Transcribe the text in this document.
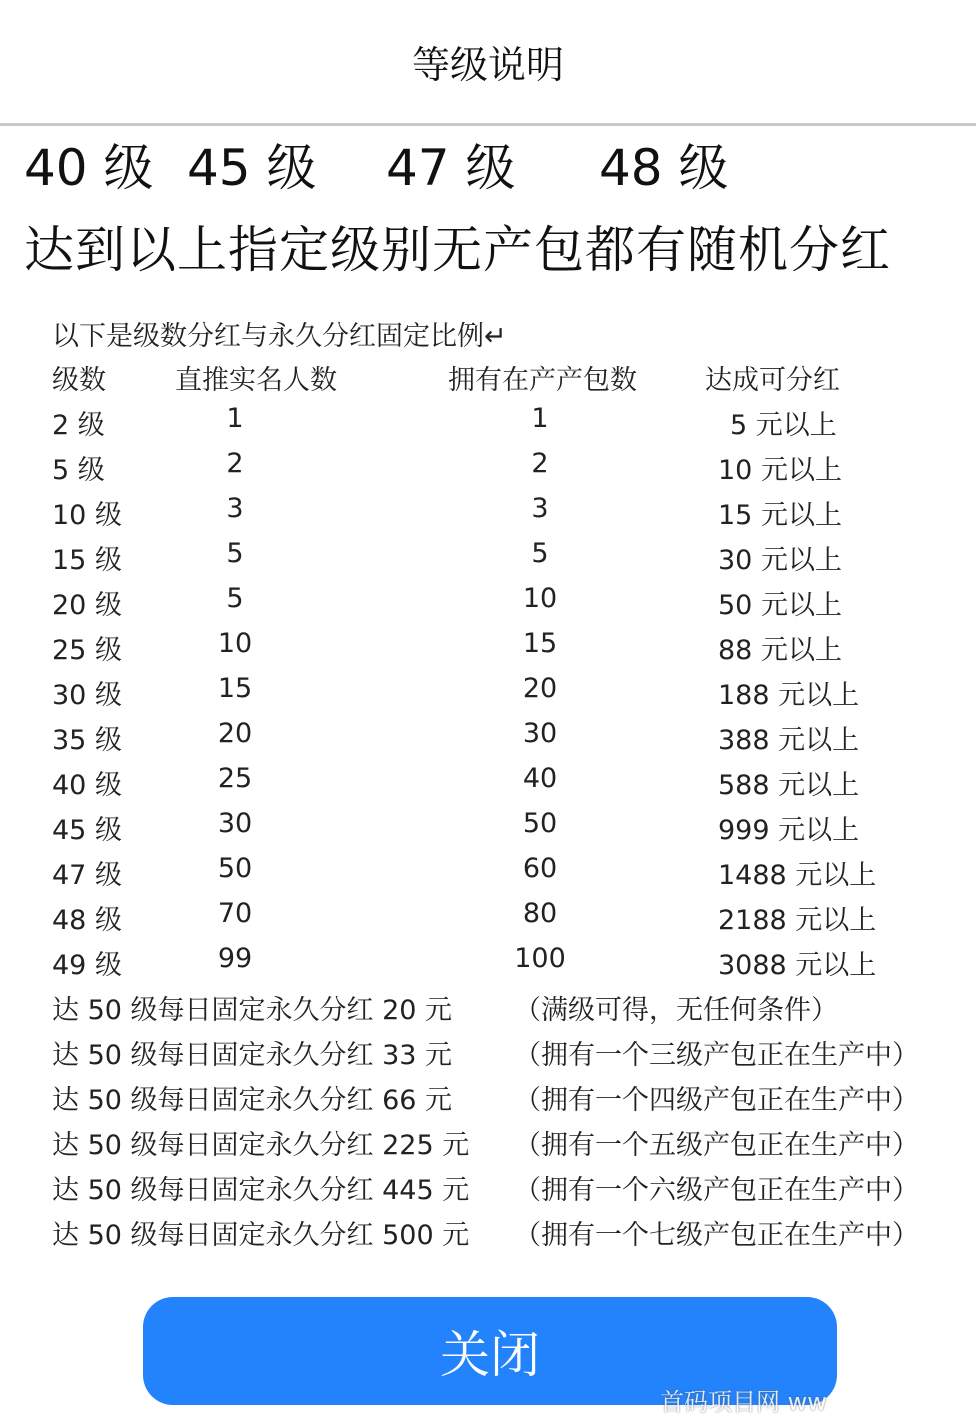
等级说明
40 级 45 级 47 级 48 级
达到以上指定级别无产包都有随机分红
以下是级数分红与永久分红固定比例↵
级数	直推实名人数	拥有在产产包数	达成可分红
2 级	1	1	5 元以上
5 级	2	2	10 元以上
10 级	3	3	15 元以上
15 级	5	5	30 元以上
20 级	5	10	50 元以上
25 级	10	15	88 元以上
30 级	15	20	188 元以上
35 级	20	30	388 元以上
40 级	25	40	588 元以上
45 级	30	50	999 元以上
47 级	50	60	1488 元以上
48 级	70	80	2188 元以上
49 级	99	100	3088 元以上
达 50 级每日固定永久分红 20 元 （满级可得，无任何条件）
达 50 级每日固定永久分红 33 元 （拥有一个三级产包正在生产中）
达 50 级每日固定永久分红 66 元 （拥有一个四级产包正在生产中）
达 50 级每日固定永久分红 225 元 （拥有一个五级产包正在生产中）
达 50 级每日固定永久分红 445 元 （拥有一个六级产包正在生产中）
达 50 级每日固定永久分红 500 元 （拥有一个七级产包正在生产中）
关闭
首码项目网 ww
